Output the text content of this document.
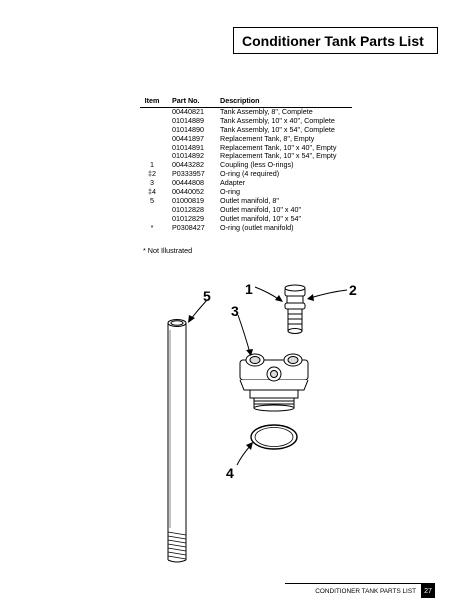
Conditioner Tank Parts List
Item	Part No.	Description
	00440821	Tank Assembly, 8", Complete
	01014889	Tank Assembly, 10" x 40", Complete
	01014890	Tank Assembly, 10" x 54", Complete
	00441897	Replacement Tank, 8", Empty
	01014891	Replacement Tank, 10" x 40", Empty
	01014892	Replacement Tank, 10" x 54", Empty
1	00443282	Coupling (less O-rings)
‡2	P0333957	O-ring (4 required)
3	00444808	Adapter
‡4	00440052	O-ring
5	01000819	Outlet manifold, 8"
	01012828	Outlet manifold, 10" x 40"
	01012829	Outlet manifold, 10" x 54"
*	P0308427	O-ring (outlet manifold)
* Not Illustrated
1	2
3
4
5
CONDITIONER TANK PARTS LIST	27
